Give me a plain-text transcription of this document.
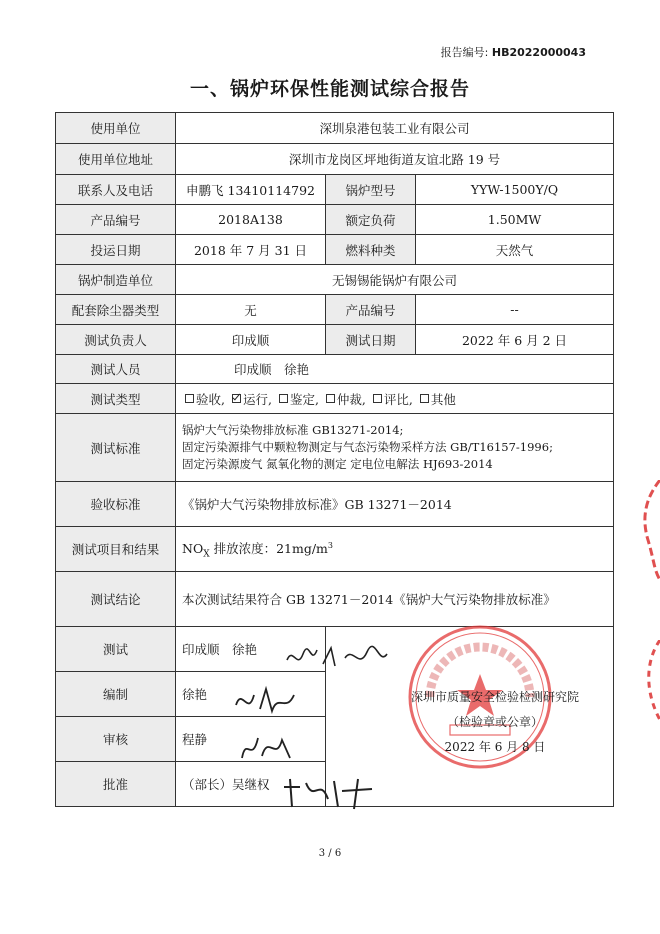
报告编号: HB2022000043
一、锅炉环保性能测试综合报告
使用单位	深圳泉港包装工业有限公司		
使用单位地址	深圳市龙岗区坪地街道友谊北路 19 号		
联系人及电话	申鹏飞 13410114792	锅炉型号	YYW-1500Y/Q
产品编号	2018A138	额定负荷	1.50MW
投运日期	2018 年 7 月 31 日	燃料种类	天然气
锅炉制造单位	无锡锡能锅炉有限公司		
配套除尘器类型	无	产品编号	--
测试负责人	印成顺	测试日期	2022 年 6 月 2 日
测试人员	印成顺　徐艳		
测试类型	验收, 运行, 鉴定, 仲裁, 评比, 其他		
测试标准	锅炉大气污染物排放标准 GB13271-2014;
固定污染源排气中颗粒物测定与气态污染物采样方法 GB/T16157-1996;
固定污染源废气 氮氧化物的测定 定电位电解法 HJ693-2014		

验收标准	《锅炉大气污染物排放标准》GB 13271－2014		
测试项目和结果	$NO_X$ 排放浓度：$21mg/m^3$
测试结论	本次测试结果符合 GB 13271－2014《锅炉大气污染物排放标准》		
测试	印成顺　徐艳		
编制	徐艳		
审核	程静		
批准	（部长）吴继权		
深圳市质量安全检验检测研究院
（检验章或公章）
2022 年 6 月 8 日
3 / 6
